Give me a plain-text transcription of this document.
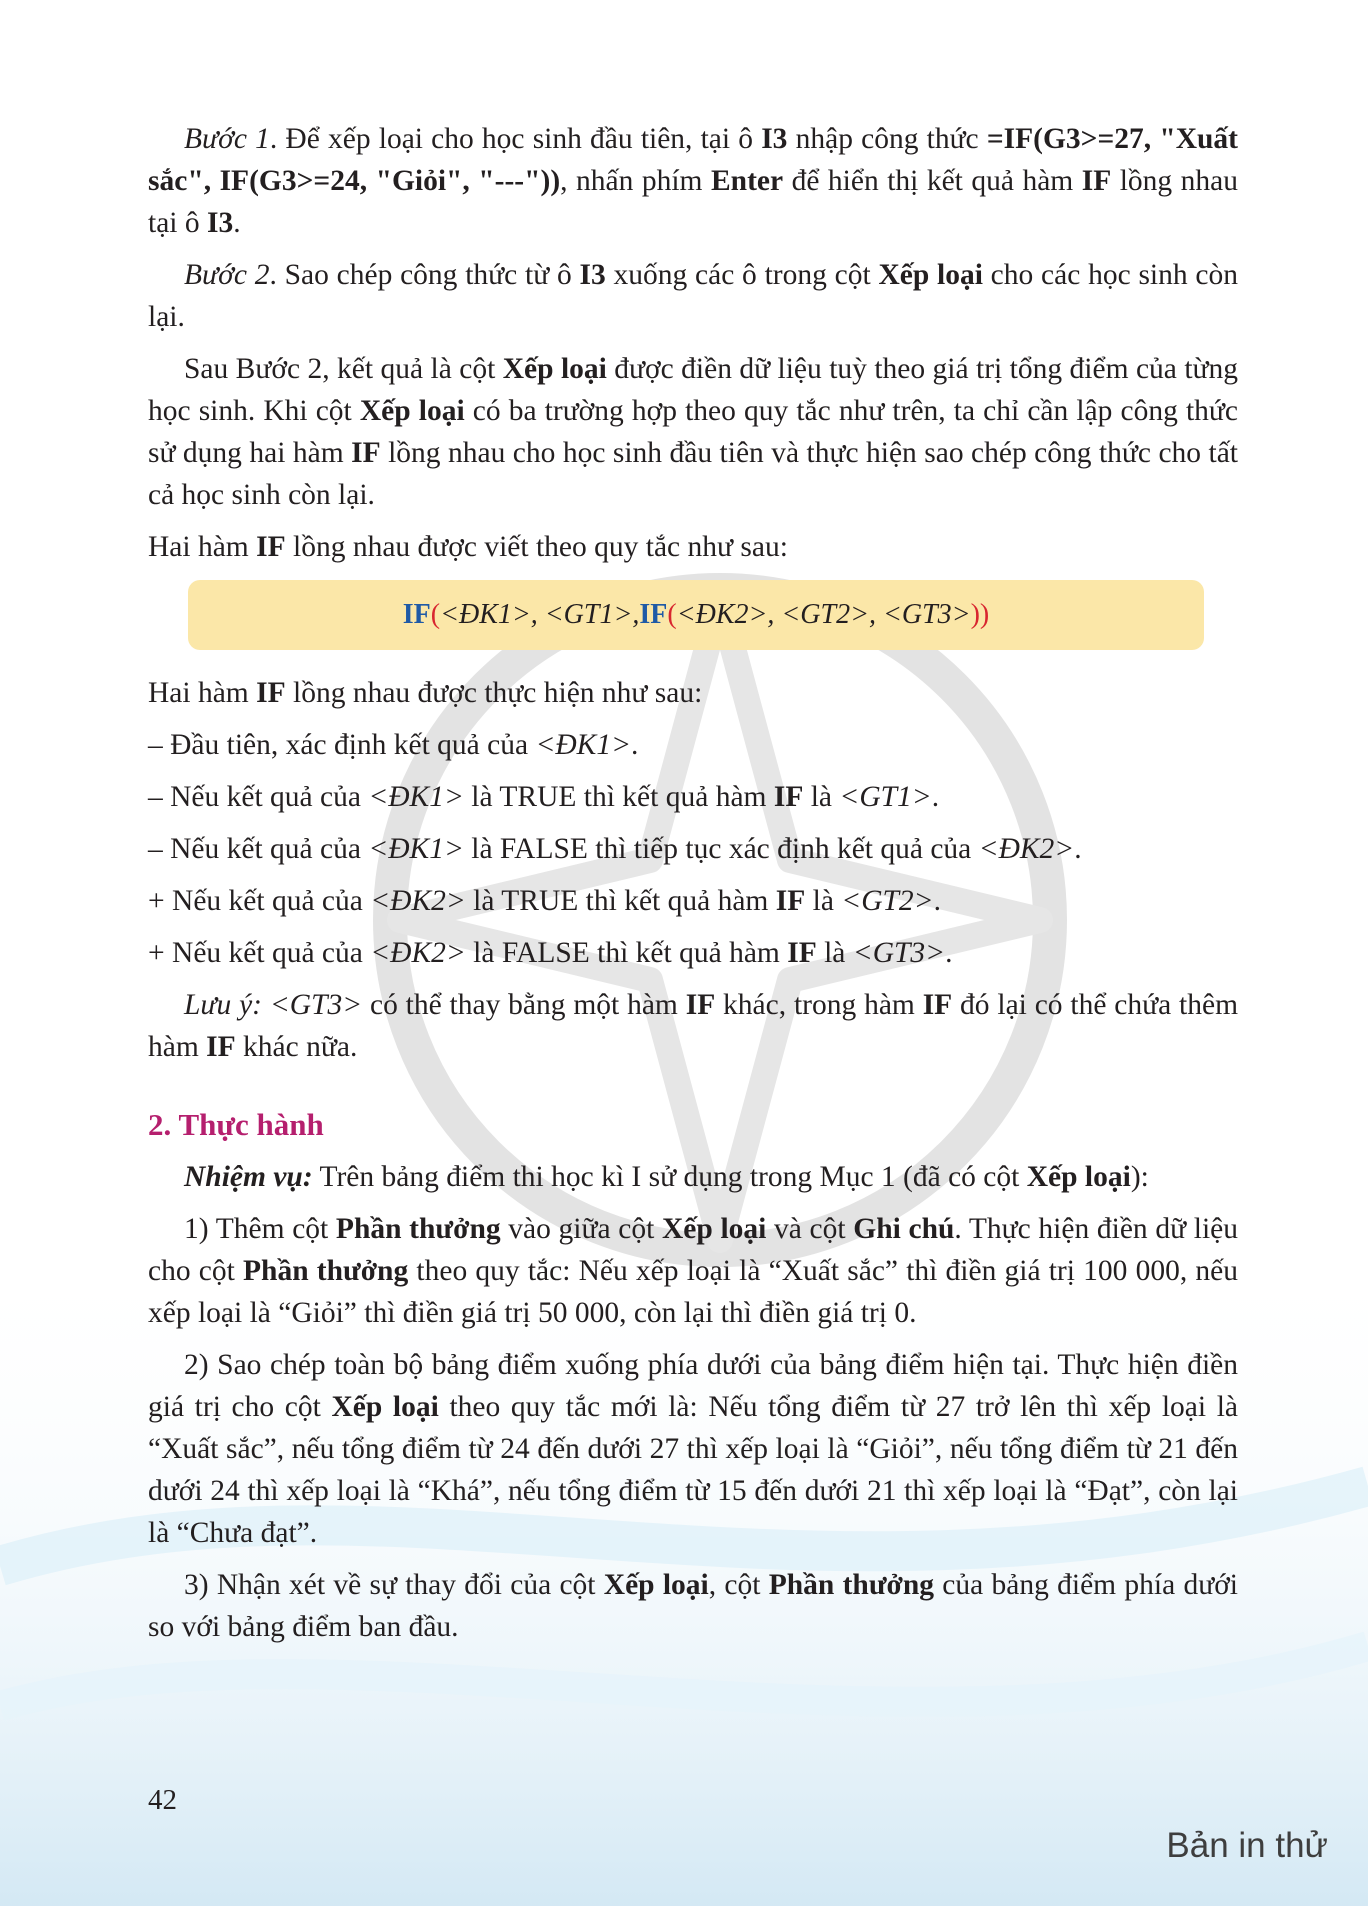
Bước 1. Để xếp loại cho học sinh đầu tiên, tại ô I3 nhập công thức =IF(G3>=27, "Xuất sắc", IF(G3>=24, "Giỏi", "---")), nhấn phím Enter để hiển thị kết quả hàm IF lồng nhau tại ô I3.

Bước 2. Sao chép công thức từ ô I3 xuống các ô trong cột Xếp loại cho các học sinh còn lại.

Sau Bước 2, kết quả là cột Xếp loại được điền dữ liệu tuỳ theo giá trị tổng điểm của từng học sinh. Khi cột Xếp loại có ba trường hợp theo quy tắc như trên, ta chỉ cần lập công thức sử dụng hai hàm IF lồng nhau cho học sinh đầu tiên và thực hiện sao chép công thức cho tất cả học sinh còn lại.

Hai hàm IF lồng nhau được viết theo quy tắc như sau:

IF ( <ĐK1>, <GT1>, IF ( <ĐK2>, <GT2>, <GT3> ))

Hai hàm IF lồng nhau được thực hiện như sau:

– Đầu tiên, xác định kết quả của <ĐK1>.

– Nếu kết quả của <ĐK1> là TRUE thì kết quả hàm IF là <GT1>.

– Nếu kết quả của <ĐK1> là FALSE thì tiếp tục xác định kết quả của <ĐK2>.

+ Nếu kết quả của <ĐK2> là TRUE thì kết quả hàm IF là <GT2>.

+ Nếu kết quả của <ĐK2> là FALSE thì kết quả hàm IF là <GT3>.

Lưu ý: <GT3> có thể thay bằng một hàm IF khác, trong hàm IF đó lại có thể chứa thêm hàm IF khác nữa.

2. Thực hành

Nhiệm vụ: Trên bảng điểm thi học kì I sử dụng trong Mục 1 (đã có cột Xếp loại):

1) Thêm cột Phần thưởng vào giữa cột Xếp loại và cột Ghi chú. Thực hiện điền dữ liệu cho cột Phần thưởng theo quy tắc: Nếu xếp loại là “Xuất sắc” thì điền giá trị 100 000, nếu xếp loại là “Giỏi” thì điền giá trị 50 000, còn lại thì điền giá trị 0.

2) Sao chép toàn bộ bảng điểm xuống phía dưới của bảng điểm hiện tại. Thực hiện điền giá trị cho cột Xếp loại theo quy tắc mới là: Nếu tổng điểm từ 27 trở lên thì xếp loại là “Xuất sắc”, nếu tổng điểm từ 24 đến dưới 27 thì xếp loại là “Giỏi”, nếu tổng điểm từ 21 đến dưới 24 thì xếp loại là “Khá”, nếu tổng điểm từ 15 đến dưới 21 thì xếp loại là “Đạt”, còn lại là “Chưa đạt”.

3) Nhận xét về sự thay đổi của cột Xếp loại, cột Phần thưởng của bảng điểm phía dưới so với bảng điểm ban đầu.

42
Bản in thử
